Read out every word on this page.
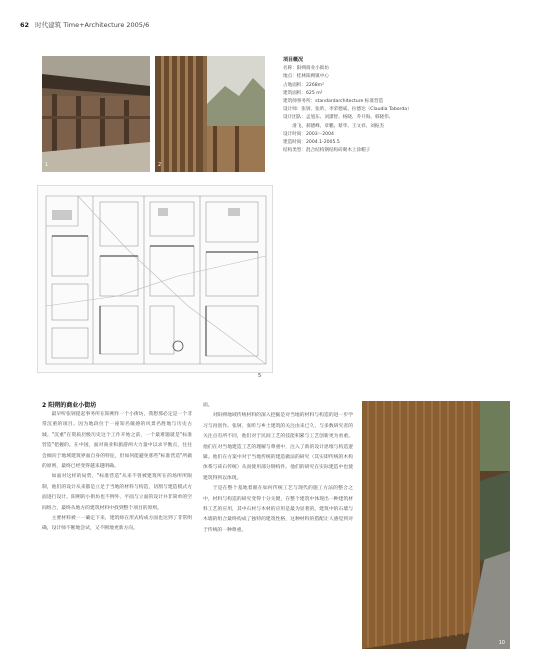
62 时代建筑 Time+Architecture 2005/6
1	2
项目概况
名称：阳朔商业小街坊
地点：桂林阳朔镇中心
占地面积：2268m²
建筑面积：625 m²
建筑师事务所：standardarchitecture 标准营造
设计师：张轲、张昕、李荣德威、拉德达（Claudia Taborda）
设计团队：孟旭东、刘潇智、杨晓、乔开海、韩晓伟、
　　滑飞、郝德峰、章鹏、蔡华、王文祥、刘振杰
设计时间：2003～2004
建造时间：2004.1-2005.5
结构类型：混合结构钢结构砖砌木上涂帽子
5
2 阳朔的商业小街坊

最早听张轲提起事务所在阳朔作一个小街坊，我想那必定是一个非常沉重的项目。因为地段位于一座知名敏感的风景名胜地与历史古城。"沉重"在资质层级历史这个工作开始之前，一个最难题就是"标准营造"把握的。在中国，面对商业和旅游两大力量中以求平衡点，往往会倾向于地域建筑界面自身的特征，但如何能避免那些"标准营造"所做的原则，最终已经变得越来越明确。

如面对这样的局势，"标准营造"从来不曾被建筑所在的场所所限制，他们的设计从来都是立足于当地的材料与构造，切割与建造模式方面进行设计。阳朔的小街坊也不例外，平面与立面的设计并非简单的空间组合，最终从地方的建筑材料中找到整个项目的原则。

主要材料被一一确定下来，建筑师在形式构成方面也达到了非常明确，设计师不断地尝试，又不断地更新方向。

面。

对阳朔地域传统材料的深入挖掘是对当地的材料与构造的进一步学习与再创作。张轲、张昕与乡土建筑的关注由来已久，与多数研究者的关注点有所不同，他们对于民间工艺的技能积累与工艺创新更为看重。他们在对当地建造工艺的理解与尊重中，注入了新的设计思维与构造逻辑。他们在方案中对于当地传统的建造做法的研究（其实即传统的木构体系与砖石传统）从而使用部分钢构件。他们的研究在实际建造中也使建筑得到以体现。

于是在整个基地着眼在如何传统工艺与现代的施工方法的整合之中，材料与构造的研究变得十分关键，在整个建筑中体现出一种建筑材料工艺的应用，其中石材与木材的应用是最为显著的。建筑中的石墙与木墙的组合最终构成了独特的建筑性格，这种材料的搭配让人感觉到对于传统的一种尊重。

10
